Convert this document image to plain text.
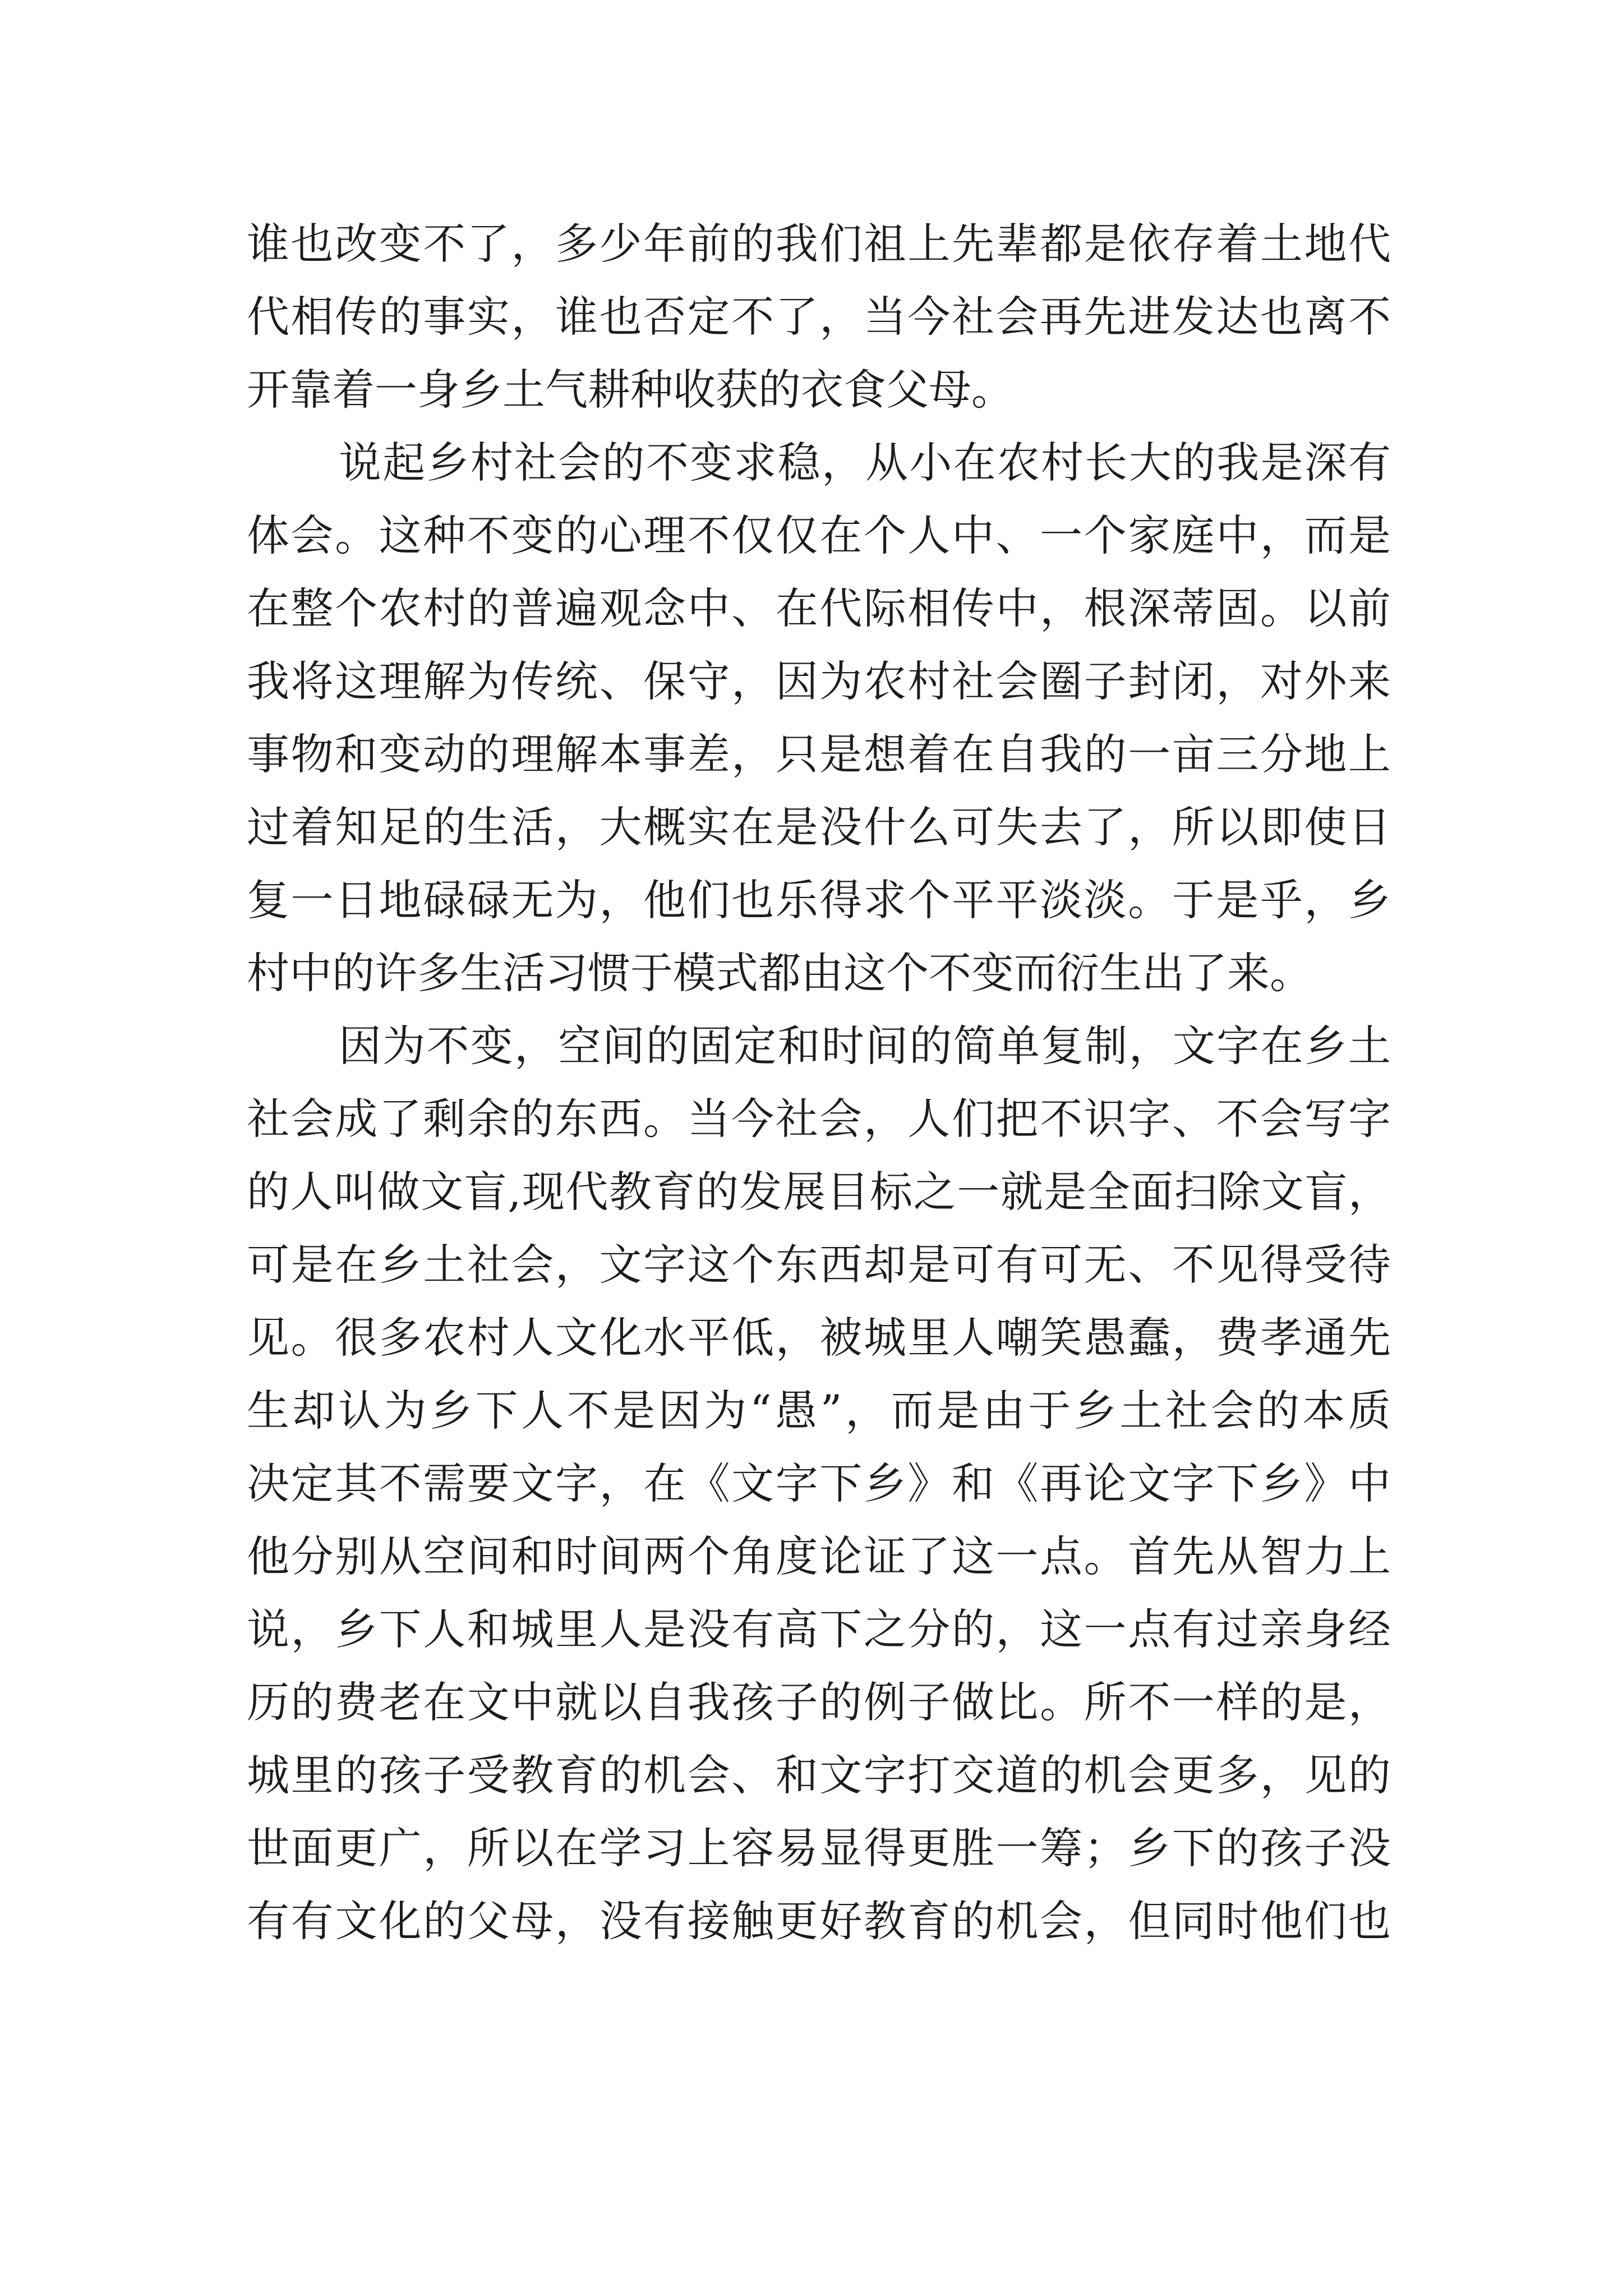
谁也改变不了，多少年前的我们祖上先辈都是依存着土地代
代相传的事实，谁也否定不了，当今社会再先进发达也离不
开靠着一身乡土气耕种收获的衣食父母。
说起乡村社会的不变求稳，从小在农村长大的我是深有
体会。这种不变的心理不仅仅在个人中、一个家庭中，而是
在整个农村的普遍观念中、在代际相传中，根深蒂固。以前
我将这理解为传统、保守，因为农村社会圈子封闭，对外来
事物和变动的理解本事差，只是想着在自我的一亩三分地上
过着知足的生活，大概实在是没什么可失去了，所以即使日
复一日地碌碌无为，他们也乐得求个平平淡淡。于是乎，乡
村中的许多生活习惯于模式都由这个不变而衍生出了来。
因为不变，空间的固定和时间的简单复制，文字在乡土
社会成了剩余的东西。当今社会，人们把不识字、不会写字
的人叫做文盲,现代教育的发展目标之一就是全面扫除文盲，
可是在乡土社会，文字这个东西却是可有可无、不见得受待
见。很多农村人文化水平低，被城里人嘲笑愚蠢，费孝通先
生却认为乡下人不是因为“愚”，而是由于乡土社会的本质
决定其不需要文字，在《文字下乡》和《再论文字下乡》中
他分别从空间和时间两个角度论证了这一点。首先从智力上
说，乡下人和城里人是没有高下之分的，这一点有过亲身经
历的费老在文中就以自我孩子的例子做比。所不一样的是，
城里的孩子受教育的机会、和文字打交道的机会更多，见的
世面更广，所以在学习上容易显得更胜一筹；乡下的孩子没
有有文化的父母，没有接触更好教育的机会，但同时他们也
